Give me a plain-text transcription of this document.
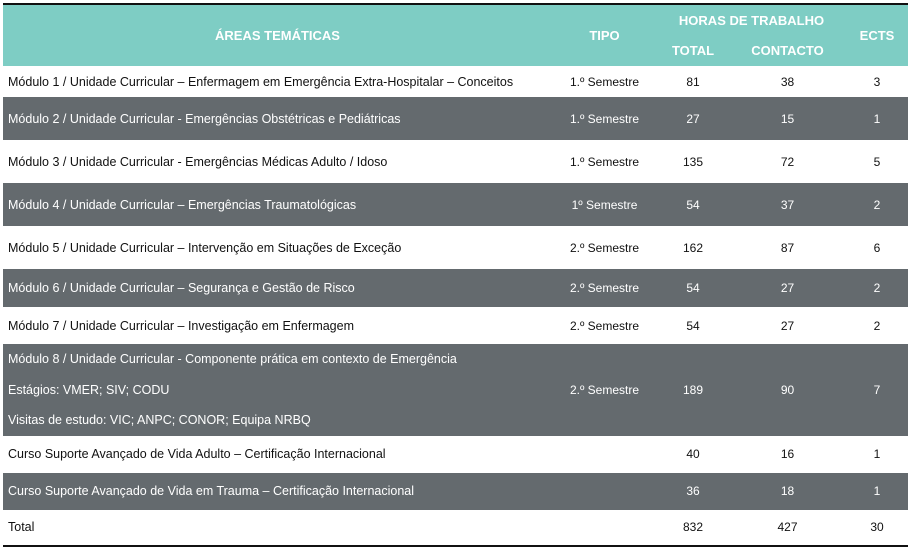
ÁREAS TEMÁTICAS	TIPO	HORAS DE TRABALHO		ECTS
		TOTAL	CONTACTO	
Módulo 1 / Unidade Curricular – Enfermagem em Emergência Extra-Hospitalar – Conceitos	1.º Semestre	81	38	3
Módulo 2 / Unidade Curricular - Emergências Obstétricas e Pediátricas	1.º Semestre	27	15	1
Módulo 3 / Unidade Curricular - Emergências Médicas Adulto / Idoso	1.º Semestre	135	72	5
Módulo 4 / Unidade Curricular – Emergências Traumatológicas	1º Semestre	54	37	2
Módulo 5 / Unidade Curricular – Intervenção em Situações de Exceção	2.º Semestre	162	87	6
Módulo 6 / Unidade Curricular – Segurança e Gestão de Risco	2.º Semestre	54	27	2
Módulo 7 / Unidade Curricular – Investigação em Enfermagem	2.º Semestre	54	27	2

Módulo 8 / Unidade Curricular - Componente prática em contexto de Emergência
Estágios: VMER; SIV; CODU
Visitas de estudo: VIC; ANPC; CONOR; Equipa NRBQ	2.º Semestre	189	90	7
Curso Suporte Avançado de Vida Adulto – Certificação Internacional		40	16	1
Curso Suporte Avançado de Vida em Trauma – Certificação Internacional		36	18	1
Total		832	427	30
